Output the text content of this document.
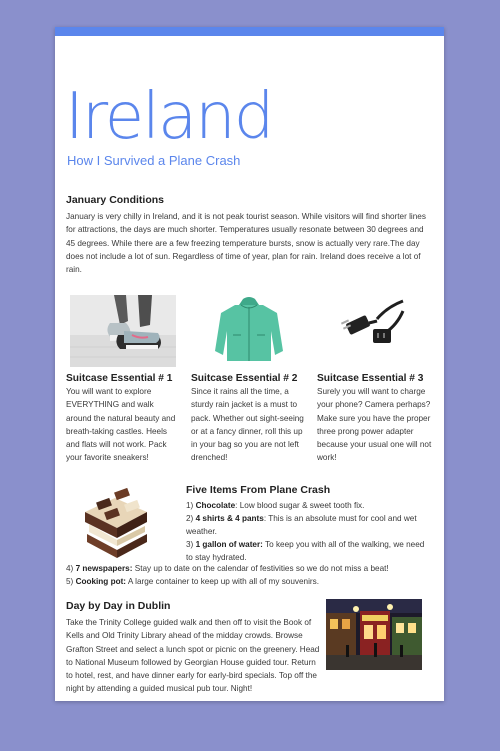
Ireland
How I Survived a Plane Crash
January Conditions

January is very chilly in Ireland, and it is not peak tourist season. While visitors will find shorter lines for attractions, the days are much shorter. Temperatures usually resonate between 30 degrees and 45 degrees. While there are a few freezing temperature bursts, snow is actually very rare.The day does not include a lot of sun. Regardless of time of year, plan for rain. Ireland does receive a lot of rain.

Suitcase Essential # 1

You will want to explore EVERYTHING and walk around the natural beauty and breath-taking castles. Heels and flats will not work. Pack your favorite sneakers!

Suitcase Essential # 2

Since it rains all the time, a sturdy rain jacket is a must to pack. Whether out sight-seeing or at a fancy dinner, roll this up in your bag so you are not left drenched!

Suitcase Essential # 3

Surely you will want to charge your phone? Camera perhaps? Make sure you have the proper three prong power adapter because your usual one will not work!

Five Items From Plane Crash

1) Chocolate: Low blood sugar & sweet tooth fix.

2) 4 shirts & 4 pants: This is an absolute must for cool and wet weather.

3) 1 gallon of water: To keep you with all of the walking, we need to stay hydrated.

4) 7 newspapers: Stay up to date on the calendar of festivities so we do not miss a beat!

5) Cooking pot: A large container to keep up with all of my souvenirs.

Day by Day in Dublin

Take the Trinity College guided walk and then off to visit the Book of Kells and Old Trinity Library ahead of the midday crowds. Browse Grafton Street and select a lunch spot or picnic on the greenery. Head to National Museum followed by Georgian House guided tour. Return to hotel, rest, and have dinner early for early-bird specials. Top off the night by attending a guided musical pub tour. Night!
